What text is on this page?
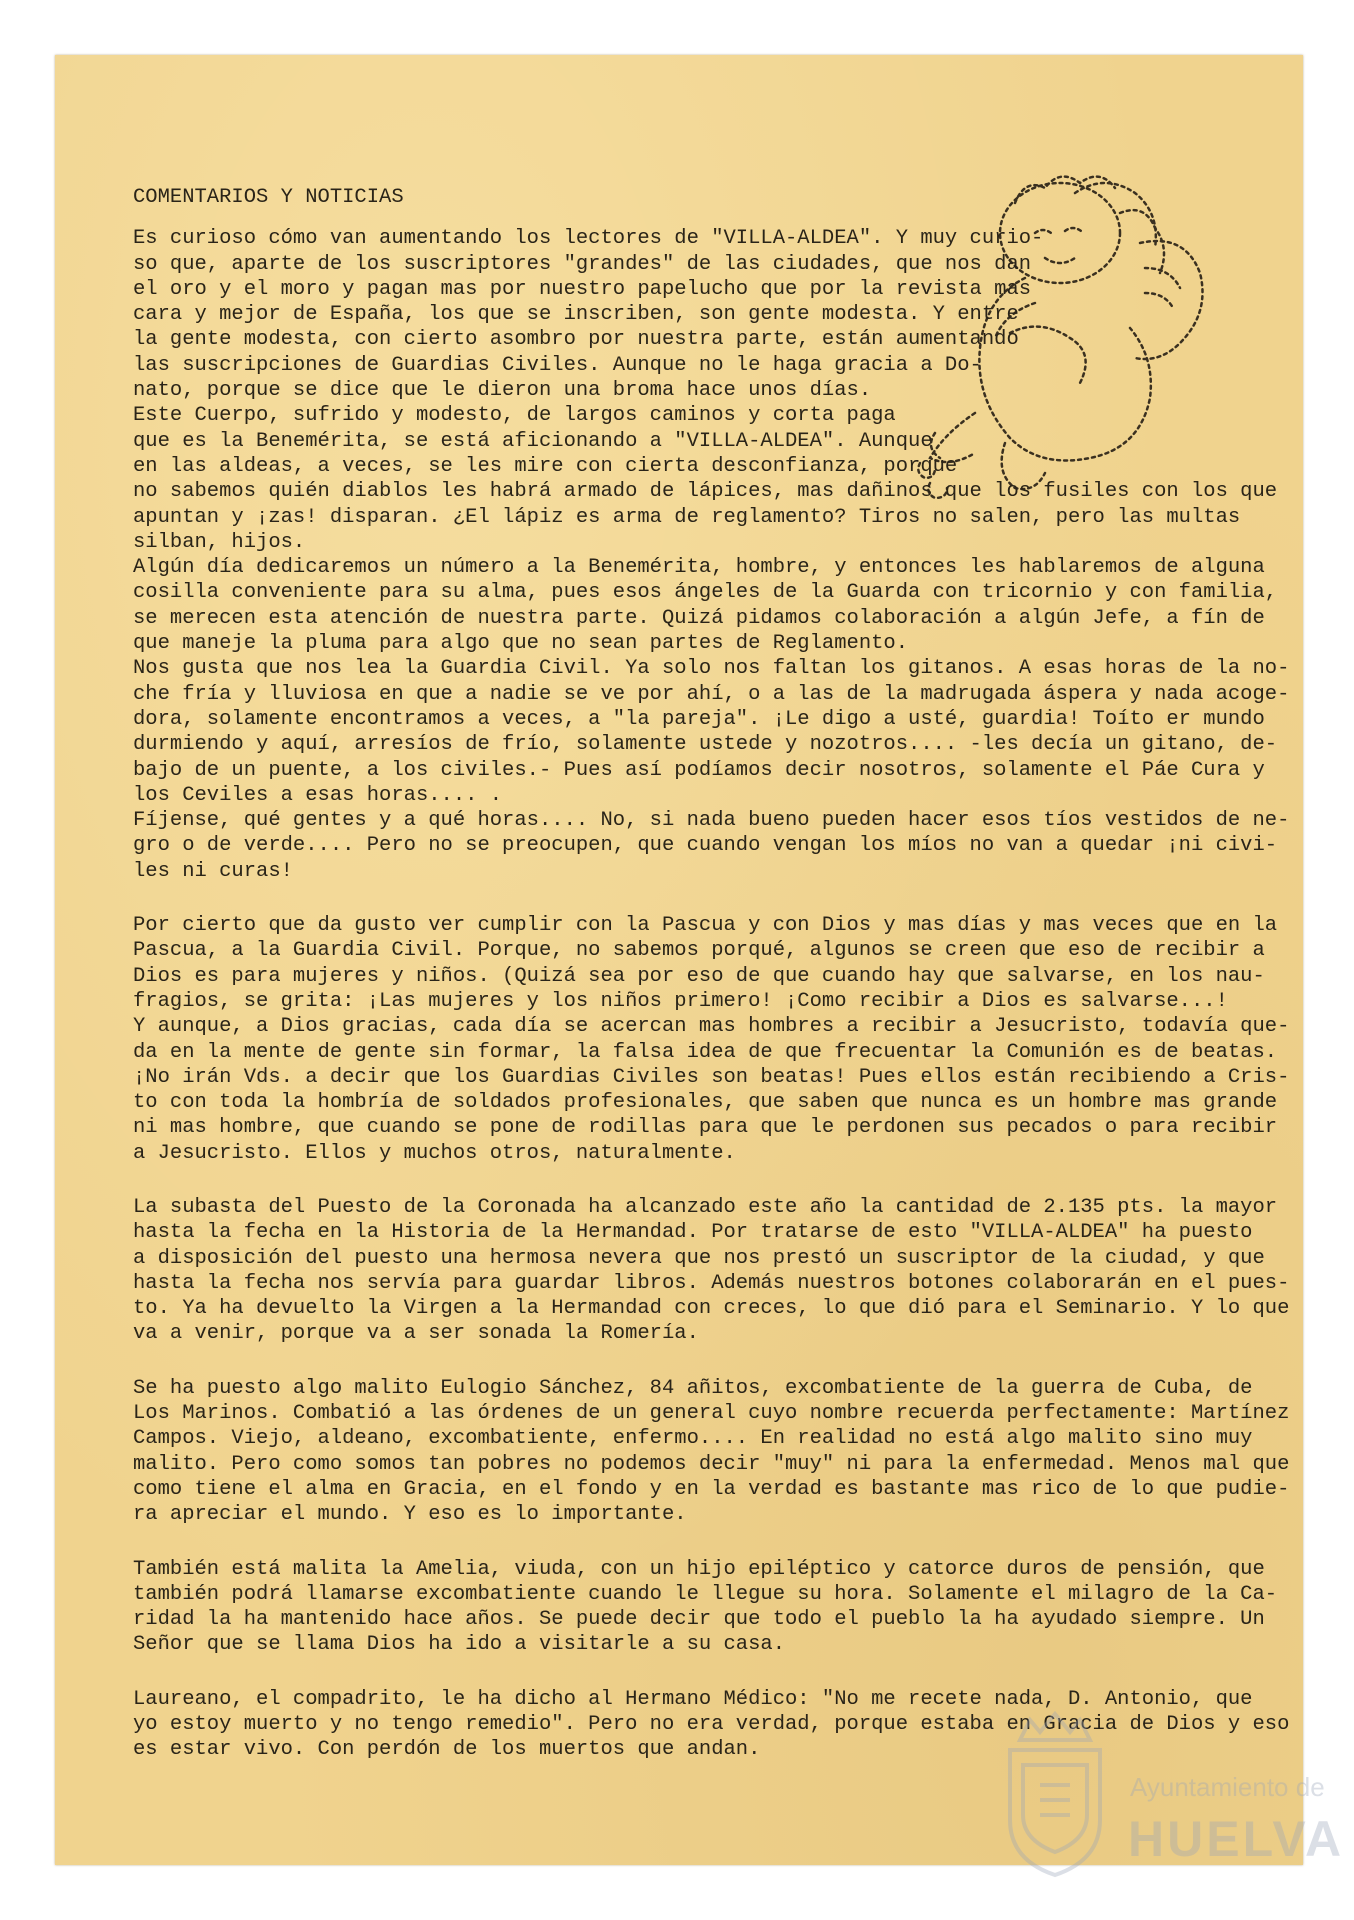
COMENTARIOS Y NOTICIAS
Es curioso cómo van aumentando los lectores de "VILLA-ALDEA". Y muy curio-
so que, aparte de los suscriptores "grandes" de las ciudades, que nos dan
el oro y el moro y pagan mas por nuestro papelucho que por la revista mas
cara y mejor de España, los que se inscriben, son gente modesta. Y entre
la gente modesta, con cierto asombro por nuestra parte, están aumentando
las suscripciones de Guardias Civiles. Aunque no le haga gracia a Do-
nato, porque se dice que le dieron una broma hace unos días.
Este Cuerpo, sufrido y modesto, de largos caminos y corta paga
que es la Benemérita, se está aficionando a "VILLA-ALDEA". Aunque
en las aldeas, a veces, se les mire con cierta desconfianza, porque
no sabemos quién diablos les habrá armado de lápices, mas dañinos que los fusiles con los que
apuntan y ¡zas! disparan. ¿El lápiz es arma de reglamento? Tiros no salen, pero las multas
silban, hijos.
Algún día dedicaremos un número a la Benemérita, hombre, y entonces les hablaremos de alguna
cosilla conveniente para su alma, pues esos ángeles de la Guarda con tricornio y con familia,
se merecen esta atención de nuestra parte. Quizá pidamos colaboración a algún Jefe, a fín de
que maneje la pluma para algo que no sean partes de Reglamento.
Nos gusta que nos lea la Guardia Civil. Ya solo nos faltan los gitanos. A esas horas de la no-
che fría y lluviosa en que a nadie se ve por ahí, o a las de la madrugada áspera y nada acoge-
dora, solamente encontramos a veces, a "la pareja". ¡Le digo a usté, guardia! Toíto er mundo
durmiendo y aquí, arresíos de frío, solamente ustede y nozotros.... -les decía un gitano, de-
bajo de un puente, a los civiles.- Pues así podíamos decir nosotros, solamente el Páe Cura y
los Ceviles a esas horas.... .
Fíjense, qué gentes y a qué horas.... No, si nada bueno pueden hacer esos tíos vestidos de ne-
gro o de verde.... Pero no se preocupen, que cuando vengan los míos no van a quedar ¡ni civi-
les ni curas!
Por cierto que da gusto ver cumplir con la Pascua y con Dios y mas días y mas veces que en la
Pascua, a la Guardia Civil. Porque, no sabemos porqué, algunos se creen que eso de recibir a
Dios es para mujeres y niños. (Quizá sea por eso de que cuando hay que salvarse, en los nau-
fragios, se grita: ¡Las mujeres y los niños primero! ¡Como recibir a Dios es salvarse...!
Y aunque, a Dios gracias, cada día se acercan mas hombres a recibir a Jesucristo, todavía que-
da en la mente de gente sin formar, la falsa idea de que frecuentar la Comunión es de beatas.
¡No irán Vds. a decir que los Guardias Civiles son beatas! Pues ellos están recibiendo a Cris-
to con toda la hombría de soldados profesionales, que saben que nunca es un hombre mas grande
ni mas hombre, que cuando se pone de rodillas para que le perdonen sus pecados o para recibir
a Jesucristo. Ellos y muchos otros, naturalmente.
La subasta del Puesto de la Coronada ha alcanzado este año la cantidad de 2.135 pts. la mayor
hasta la fecha en la Historia de la Hermandad. Por tratarse de esto "VILLA-ALDEA" ha puesto
a disposición del puesto una hermosa nevera que nos prestó un suscriptor de la ciudad, y que
hasta la fecha nos servía para guardar libros. Además nuestros botones colaborarán en el pues-
to. Ya ha devuelto la Virgen a la Hermandad con creces, lo que dió para el Seminario. Y lo que
va a venir, porque va a ser sonada la Romería.
Se ha puesto algo malito Eulogio Sánchez, 84 añitos, excombatiente de la guerra de Cuba, de
Los Marinos. Combatió a las órdenes de un general cuyo nombre recuerda perfectamente: Martínez
Campos. Viejo, aldeano, excombatiente, enfermo.... En realidad no está algo malito sino muy
malito. Pero como somos tan pobres no podemos decir "muy" ni para la enfermedad. Menos mal que
como tiene el alma en Gracia, en el fondo y en la verdad es bastante mas rico de lo que pudie-
ra apreciar el mundo. Y eso es lo importante.
También está malita la Amelia, viuda, con un hijo epiléptico y catorce duros de pensión, que
también podrá llamarse excombatiente cuando le llegue su hora. Solamente el milagro de la Ca-
ridad la ha mantenido hace años. Se puede decir que todo el pueblo la ha ayudado siempre. Un
Señor que se llama Dios ha ido a visitarle a su casa.
Laureano, el compadrito, le ha dicho al Hermano Médico: "No me recete nada, D. Antonio, que
yo estoy muerto y no tengo remedio". Pero no era verdad, porque estaba en Gracia de Dios y eso
es estar vivo. Con perdón de los muertos que andan.
Ayuntamiento de
HUELVA
